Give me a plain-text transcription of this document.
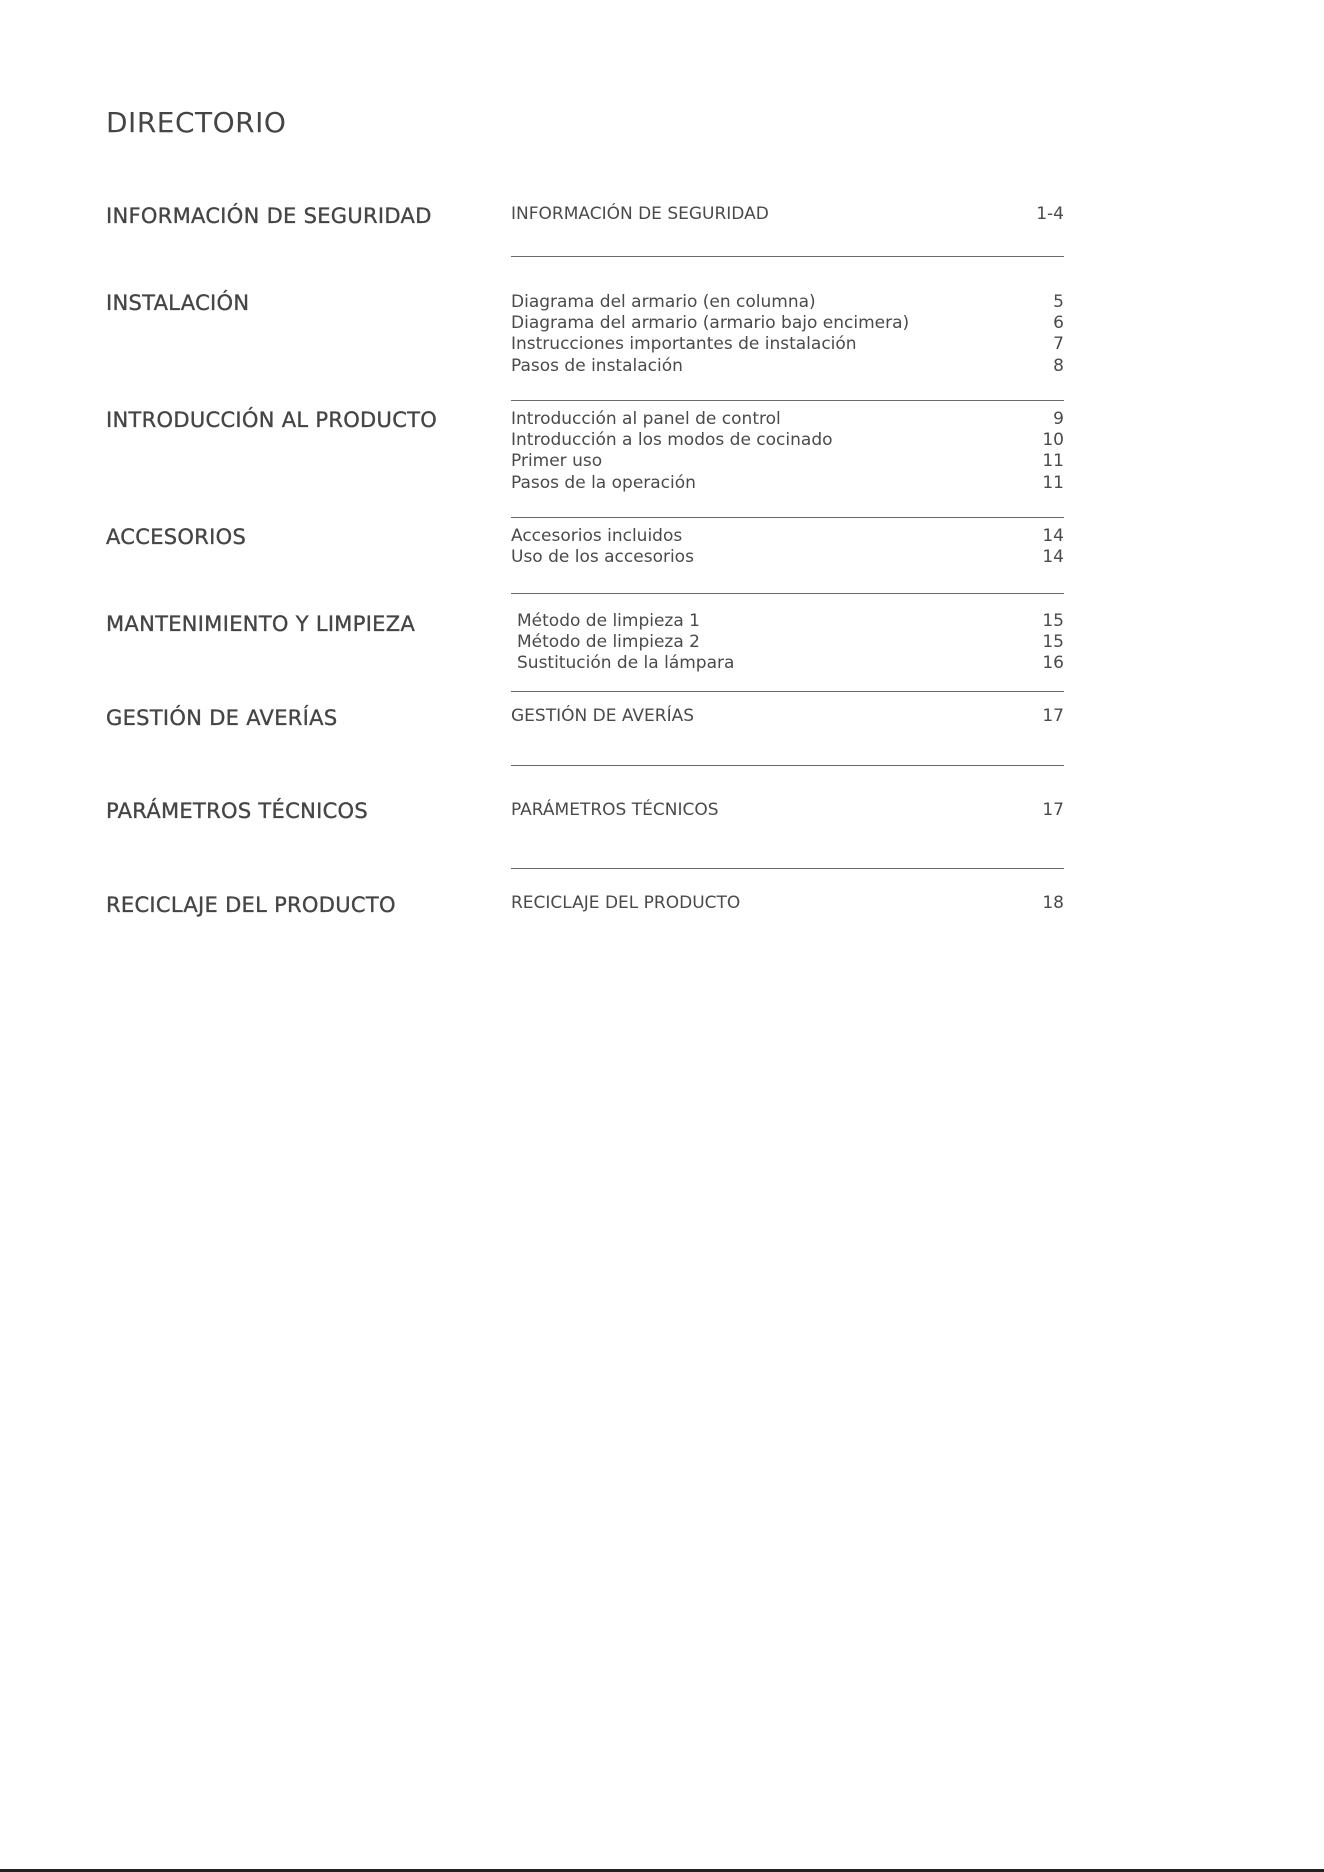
DIRECTORIO
INFORMACIÓN DE SEGURIDAD	INFORMACIÓN DE SEGURIDAD	1-4
INSTALACIÓN	Diagrama del armario (en columna)	5
Diagrama del armario (armario bajo encimera)	6
Instrucciones importantes de instalación	7
Pasos de instalación	8
INTRODUCCIÓN AL PRODUCTO	Introducción al panel de control	9
Introducción a los modos de cocinado	10
Primer uso	11
Pasos de la operación	11
ACCESORIOS	Accesorios incluidos	14
Uso de los accesorios	14
MANTENIMIENTO Y LIMPIEZA	Método de limpieza 1	15
Método de limpieza 2	15
Sustitución de la lámpara	16
GESTIÓN DE AVERÍAS	GESTIÓN DE AVERÍAS	17
PARÁMETROS TÉCNICOS	PARÁMETROS TÉCNICOS	17
RECICLAJE DEL PRODUCTO	RECICLAJE DEL PRODUCTO	18
